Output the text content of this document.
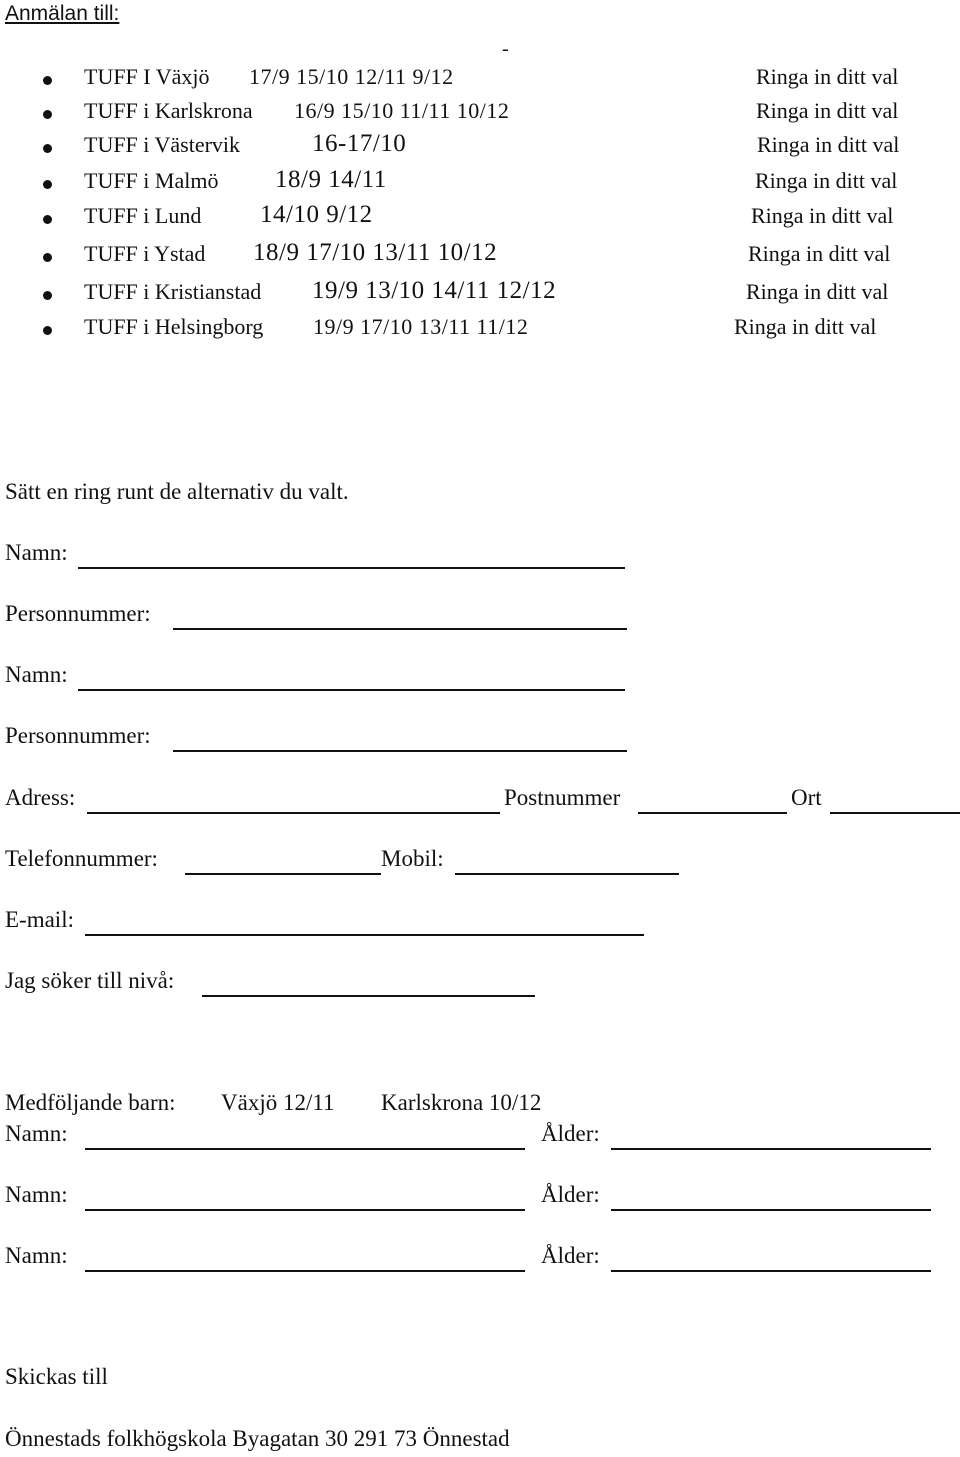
Anmälan till:
-
TUFF I Växjö 17/9 15/10 12/11 9/12	Ringa in ditt val
TUFF i Karlskrona 16/9 15/10 11/11 10/12	Ringa in ditt val
TUFF i Västervik	16-17/10	Ringa in ditt val
TUFF i Malmö 18/9 14/11	Ringa in ditt val
TUFF i Lund 14/10 9/12	Ringa in ditt val
TUFF i Ystad 18/9 17/10 13/11 10/12	Ringa in ditt val
TUFF i Kristianstad 19/9 13/10 14/11 12/12	Ringa in ditt val
TUFF i Helsingborg 19/9 17/10 13/11 11/12	Ringa in ditt val
Sätt en ring runt de alternativ du valt.
Namn:
Personnummer:
Namn:
Personnummer:
Adress:	Postnummer	Ort
Telefonnummer:	Mobil:
E-mail:
Jag söker till nivå:
Medföljande barn: Växjö 12/11 Karlskrona 10/12
Namn:	Ålder:
Namn:	Ålder:
Namn:	Ålder:
Skickas till
Önnestads folkhögskola Byagatan 30 291 73 Önnestad
